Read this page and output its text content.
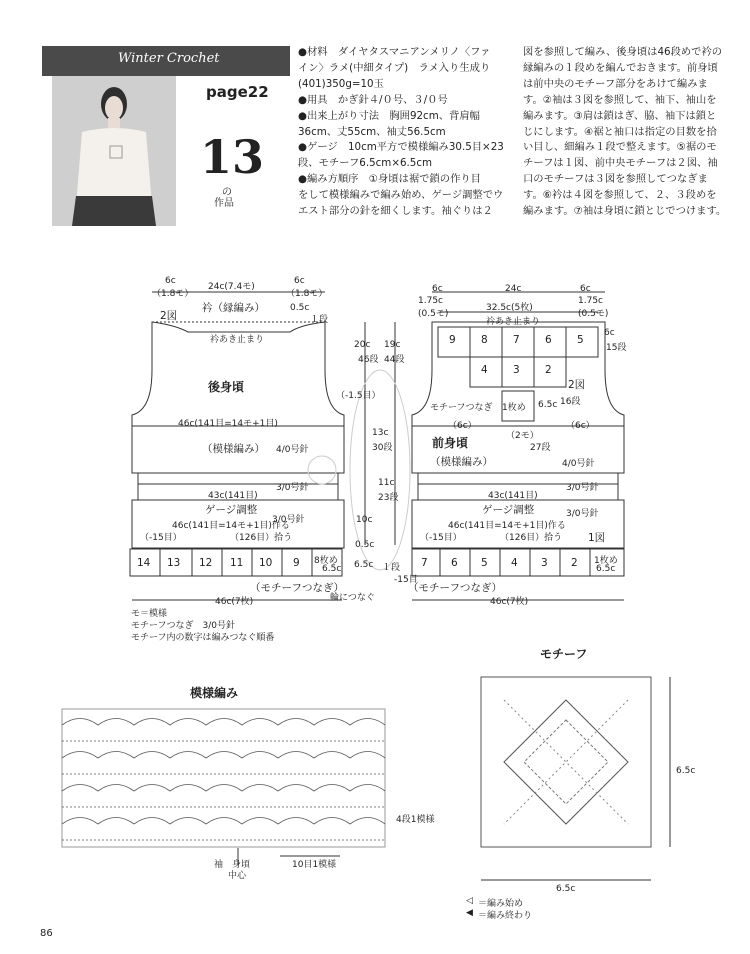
Winter Crochet
page22
13
の
作品
●材料　ダイヤタスマニアンメリノ〈ファ
イン〉ラメ(中細タイプ)　ラメ入り生成り
(401)350g=10玉
●用具　かぎ針４/０号、３/０号
●出来上がり寸法　胸囲92cm、背肩幅
36cm、丈55cm、袖丈56.5cm
●ゲージ　10cm平方で模様編み30.5目×23
段、モチーフ6.5cm×6.5cm
●編み方順序　①身頃は裾で鎖の作り目
をして模様編みで編み始め、ゲージ調整でウ
エスト部分の針を細くします。袖ぐりは２
図を参照して編み、後身頃は46段めで衿の
縁編みの１段めを編んでおきます。前身頃
は前中央のモチーフ部分をあけて編みま
す。②袖は３図を参照して、袖下、袖山を
編みます。③肩は鎖はぎ、脇、袖下は鎖と
じにします。④裾と袖口は指定の目数を拾
い目し、細編み１段で整えます。⑤裾のモ
チーフは１図、前中央モチーフは２図、袖
口のモチーフは３図を参照してつなぎま
す。⑥衿は４図を参照して、２、３段めを
編みます。⑦袖は身頃に鎖とじでつけます。
6c
（1.8モ）
24c(7.4モ)
6c
（1.8モ）
衿（縁編み）	0.5c
１段
2図
衿あき止まり
後身頃
46c(141目=14モ+1目)
（模様編み） 4/0号針
（-1.5目）
43c(141目)
3/0号針
ゲージ調整
3/0号針
46c(141目=14モ+1目)作る
（-15目）	（126目）拾う
14 13 12 11 10 9 8枚め
6.5c
（モチーフつなぎ）
46c(7枚)
20c
46段
19c
44段
13c
30段
11c
23段
10c
0.5c
１段
6.5c
輪につなぐ
-15目
6c	24c	6c
1.75c
(0.5モ)
32.5c(5枚)
1.75c
(0.5モ)
衿あき止まり
9 8 7 6 5
4 3 2
1枚め
2図
6c
15段
モチーフつなぎ	6.5c 16段
（6c）	（6c）
（2モ）
前身頃	27段
（模様編み）	4/0号針
43c(141目)
3/0号針
ゲージ調整	3/0号針
46c(141目=14モ+1目)作る
（-15目）	（126目）拾う 1図
7 6 5 4 3 2 1枚め
6.5c
（モチーフつなぎ）
46c(7枚)
モ＝模様
モチーフつなぎ　3/0号針
モチーフ内の数字は編みつなぐ順番
模様編み
4段1模様
袖　身頃
中心
10目1模様
モチーフ
6.5c
6.5c
◁ ＝編み始め
◀ ＝編み終わり
86
